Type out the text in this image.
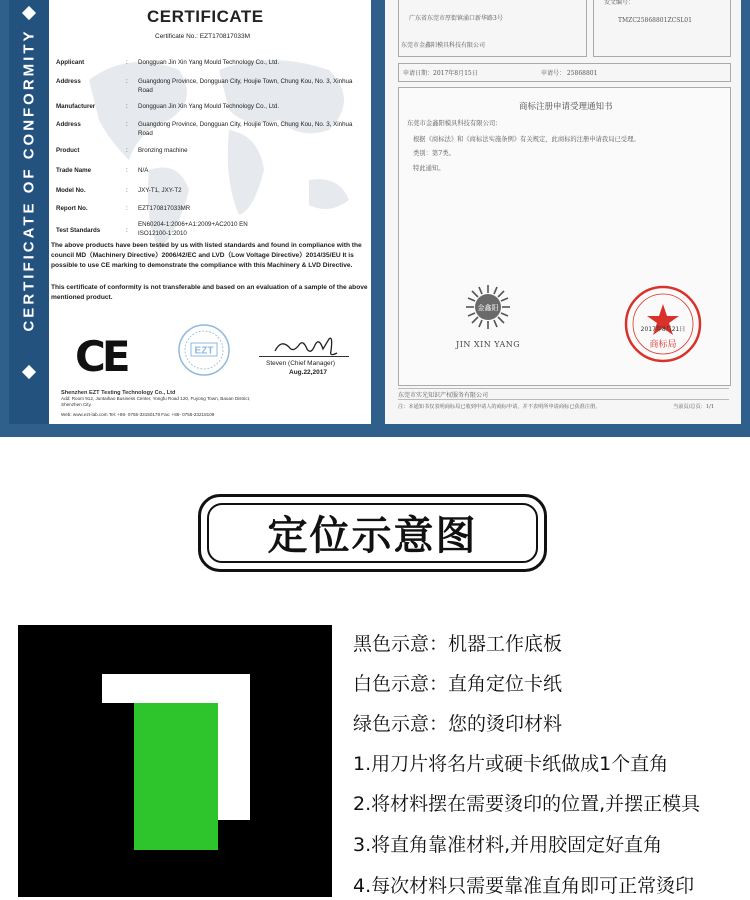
CERTIFICATE OF CONFORMITY
CERTIFICATE
Certificate No.: EZT170817033M
Applicant	: Dongguan Jin Xin Yang Mould Technology Co., Ltd.
Address	: Guangdong Province, Dongguan City, Houjie Town, Chung Kou, No. 3, Xinhua Road
Manufacturer	: Dongguan Jin Xin Yang Mould Technology Co., Ltd.
Address	: Guangdong Province, Dongguan City, Houjie Town, Chung Kou, No. 3, Xinhua Road
Product	: Bronzing machine
Trade Name	: N/A
Model No.	: JXY-T1, JXY-T2
Report No.	: EZT170817033MR
Test Standards	:
EN60204-1:2006+A1:2009+AC2010 EN ISO12100-1:2010
The above products have been tested by us with listed standards and found in compliance with the council MD（Machinery Directive）2006/42/EC and LVD（Low Voltage Directive）2014/35/EU It is possible to use CE marking to demonstrate the compliance with this Machinery & LVD Directive.
This certificate of conformity is not transferable and based on an evaluation of a sample of the above mentioned product.
CE	EZT
Steven (Chief Manager)
Aug.22,2017
Shenzhen EZT Testing Technology Co., Ltd
Add: Room 912, Juntaihao Business Center, Yongfu Road 120, Fuyong Town, Baoan District, Shenzhen City.
Web: www.ezt-lab.com Tel: +86- 0755-33150178 Fax: +86- 0755-23218109
广东省东莞市厚街镇涌口新华路3号
东莞市金鑫阳模具科技有限公司
发文编号：
TMZC25868801ZCSL01
申请日期：2017年8月15日	申请号： 25868801
商标注册申请受理通知书
东莞市金鑫阳模具科技有限公司：
根据《商标法》和《商标法实施条例》有关规定，此商标的注册申请我局已受理。
类别：第7类。
特此通知。
金鑫阳
JIN XIN YANG
2017年8月21日
商标局
东莞市实光知识产权服务有限公司
注：本通知书仅表明商标局已收到申请人的商标申请，并不表明所申请商标已获准注册。	当前页/总页：1/1
定位示意图
黑色示意：机器工作底板
白色示意：直角定位卡纸
绿色示意：您的烫印材料
1.用刀片将名片或硬卡纸做成1个直角
2.将材料摆在需要烫印的位置,并摆正模具
3.将直角靠准材料,并用胶固定好直角
4.每次材料只需要靠准直角即可正常烫印
